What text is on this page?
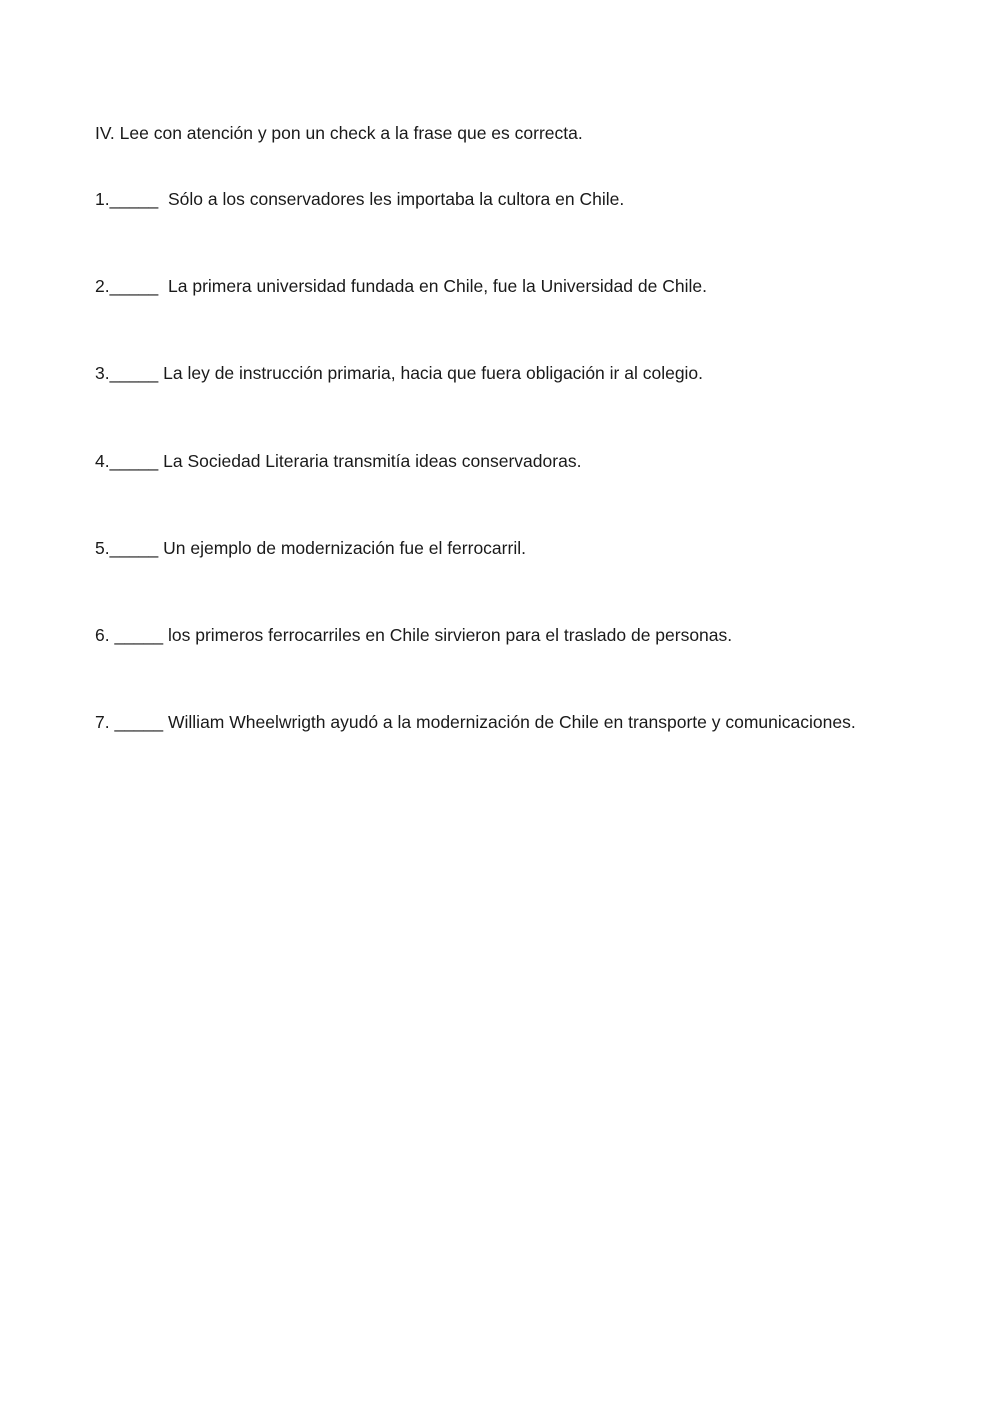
IV. Lee con atención y pon un check a la frase que es correcta.
1._____  Sólo a los conservadores les importaba la cultora en Chile.
2._____  La primera universidad fundada en Chile, fue la Universidad de Chile.
3._____ La ley de instrucción primaria, hacia que fuera obligación ir al colegio.
4._____ La Sociedad Literaria transmitía ideas conservadoras.
5._____ Un ejemplo de modernización fue el ferrocarril.
6. _____ los primeros ferrocarriles en Chile sirvieron para el traslado de personas.
7. _____ William Wheelwrigth ayudó a la modernización de Chile en transporte y comunicaciones.
